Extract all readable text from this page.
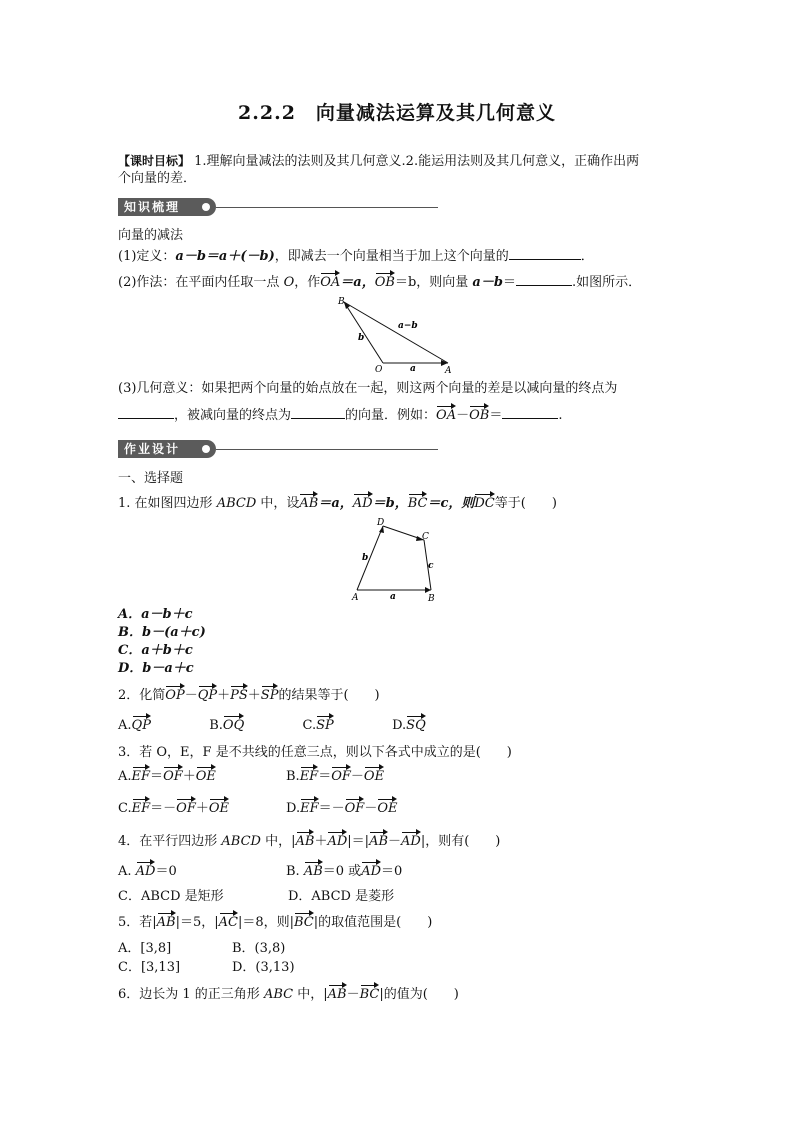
2.2.2　向量减法运算及其几何意义
【课时目标】 1.理解向量减法的法则及其几何意义.2.能运用法则及其几何意义，正确作出两
个向量的差．
知识梳理
向量的减法
(1)定义：a－b＝a＋(－b)，即减去一个向量相当于加上这个向量的	．
(2)作法：在平面内任取一点 O，作OA＝a，OB＝b，则向量 a－b＝	.如图所示．
B
O	A
b
a
a−b
(3)几何意义：如果把两个向量的始点放在一起，则这两个向量的差是以减向量的终点为
，被减向量的终点为	的向量．例如：OA－OB＝	.
作业设计
一、选择题
1. 在如图四边形 ABCD 中，设AB＝a，AD＝b，BC＝c，则DC等于(　　)
A	B
C
D
a
b
c
A．a－b＋c
B．b－(a＋c)
C．a＋b＋c
D．b－a＋c
2．化简OP－QP＋PS＋SP的结果等于(　　)
A.QP	B.OQ	C.SP	D.SQ
3．若 O，E，F 是不共线的任意三点，则以下各式中成立的是(　　)
A.EF＝OF＋OE	B.EF＝OF－OE
C.EF＝－OF＋OE	D.EF＝－OF－OE
4．在平行四边形 ABCD 中，|AB＋AD|＝|AB－AD|，则有(　　)
A. AD＝0	B. AB＝0 或AD＝0
C．ABCD 是矩形	D．ABCD 是菱形
5．若|AB|＝5，|AC|＝8，则|BC|的取值范围是(　　)
A．[3,8]	B．(3,8)
C．[3,13]	D．(3,13)
6．边长为 1 的正三角形 ABC 中，|AB－BC|的值为(　　)
